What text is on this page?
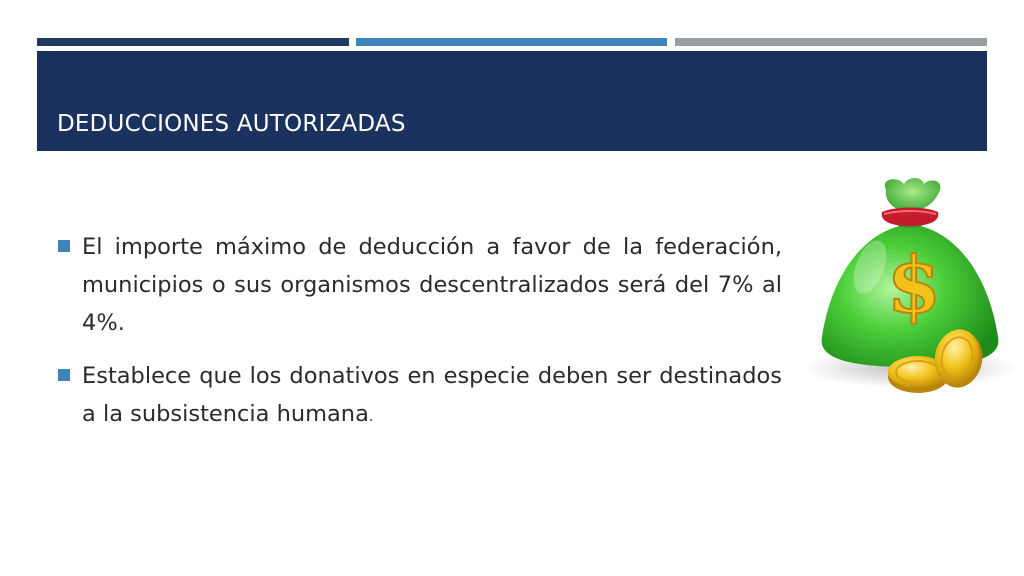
DEDUCCIONES AUTORIZADAS
El importe máximo de deducción a favor de la federación, municipios o sus organismos descentralizados será del 7% al 4%.
Establece que los donativos en especie deben ser destinados a la subsistencia humana.
$
